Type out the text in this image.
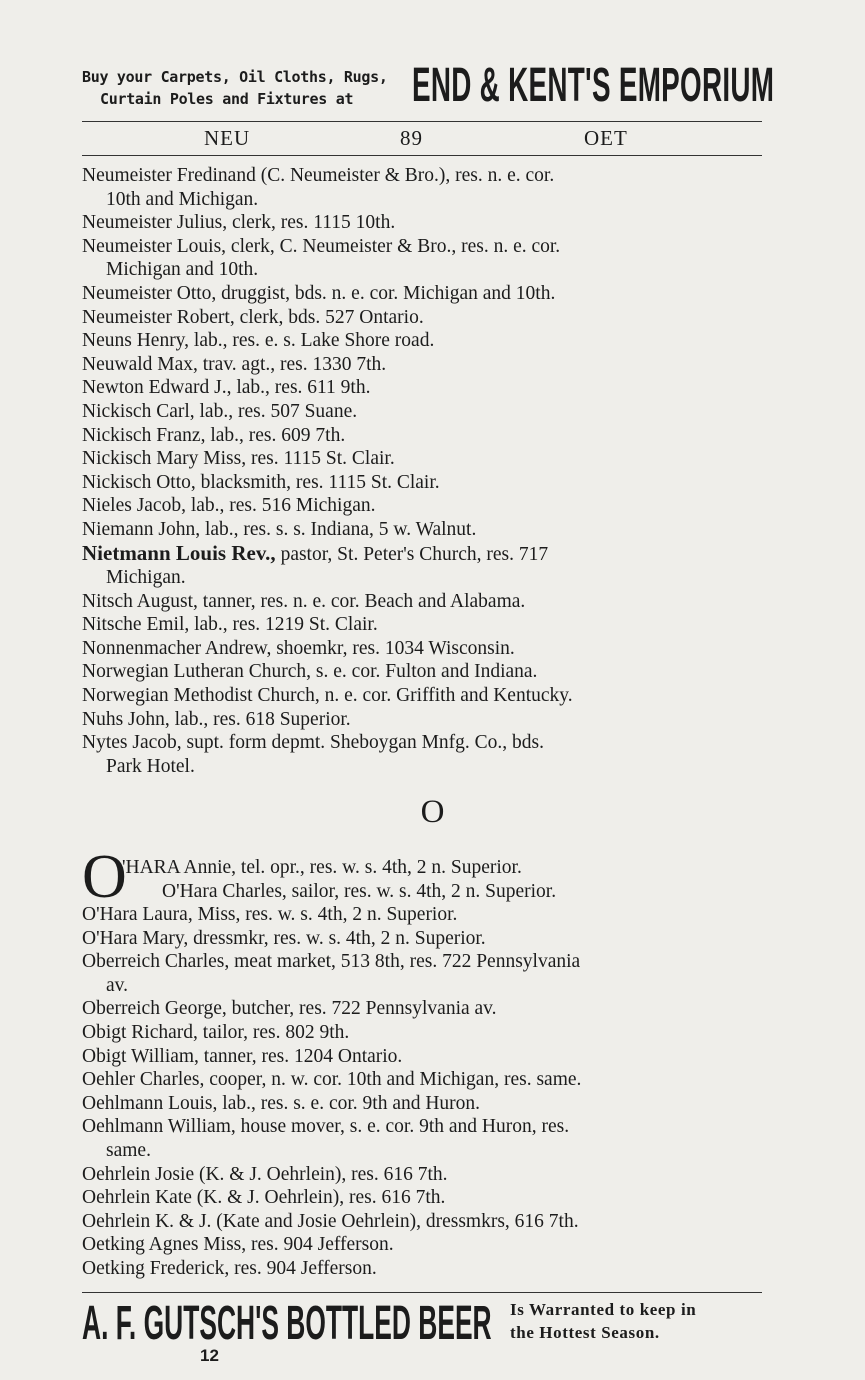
Buy your Carpets, Oil Cloths, Rugs,
Curtain Poles and Fixtures at	END & KENT'S EMPORIUM
NEU	89	OET
Neumeister Fredinand (C. Neumeister & Bro.), res. n. e. cor.
10th and Michigan.
Neumeister Julius, clerk, res. 1115 10th.
Neumeister Louis, clerk, C. Neumeister & Bro., res. n. e. cor.
Michigan and 10th.
Neumeister Otto, druggist, bds. n. e. cor. Michigan and 10th.
Neumeister Robert, clerk, bds. 527 Ontario.
Neuns Henry, lab., res. e. s. Lake Shore road.
Neuwald Max, trav. agt., res. 1330 7th.
Newton Edward J., lab., res. 611 9th.
Nickisch Carl, lab., res. 507 Suane.
Nickisch Franz, lab., res. 609 7th.
Nickisch Mary Miss, res. 1115 St. Clair.
Nickisch Otto, blacksmith, res. 1115 St. Clair.
Nieles Jacob, lab., res. 516 Michigan.
Niemann John, lab., res. s. s. Indiana, 5 w. Walnut.
Nietmann Louis Rev., pastor, St. Peter's Church, res. 717
Michigan.
Nitsch August, tanner, res. n. e. cor. Beach and Alabama.
Nitsche Emil, lab., res. 1219 St. Clair.
Nonnenmacher Andrew, shoemkr, res. 1034 Wisconsin.
Norwegian Lutheran Church, s. e. cor. Fulton and Indiana.
Norwegian Methodist Church, n. e. cor. Griffith and Kentucky.
Nuhs John, lab., res. 618 Superior.
Nytes Jacob, supt. form depmt. Sheboygan Mnfg. Co., bds.
Park Hotel.
O
O
'HARA Annie, tel. opr., res. w. s. 4th, 2 n. Superior.
O'Hara Charles, sailor, res. w. s. 4th, 2 n. Superior.
O'Hara Laura, Miss, res. w. s. 4th, 2 n. Superior.
O'Hara Mary, dressmkr, res. w. s. 4th, 2 n. Superior.
Oberreich Charles, meat market, 513 8th, res. 722 Pennsylvania
av.
Oberreich George, butcher, res. 722 Pennsylvania av.
Obigt Richard, tailor, res. 802 9th.
Obigt William, tanner, res. 1204 Ontario.
Oehler Charles, cooper, n. w. cor. 10th and Michigan, res. same.
Oehlmann Louis, lab., res. s. e. cor. 9th and Huron.
Oehlmann William, house mover, s. e. cor. 9th and Huron, res.
same.
Oehrlein Josie (K. & J. Oehrlein), res. 616 7th.
Oehrlein Kate (K. & J. Oehrlein), res. 616 7th.
Oehrlein K. & J. (Kate and Josie Oehrlein), dressmkrs, 616 7th.
Oetking Agnes Miss, res. 904 Jefferson.
Oetking Frederick, res. 904 Jefferson.
A. F. GUTSCH'S BOTTLED BEER Is Warranted to keep in
the Hottest Season.
12
